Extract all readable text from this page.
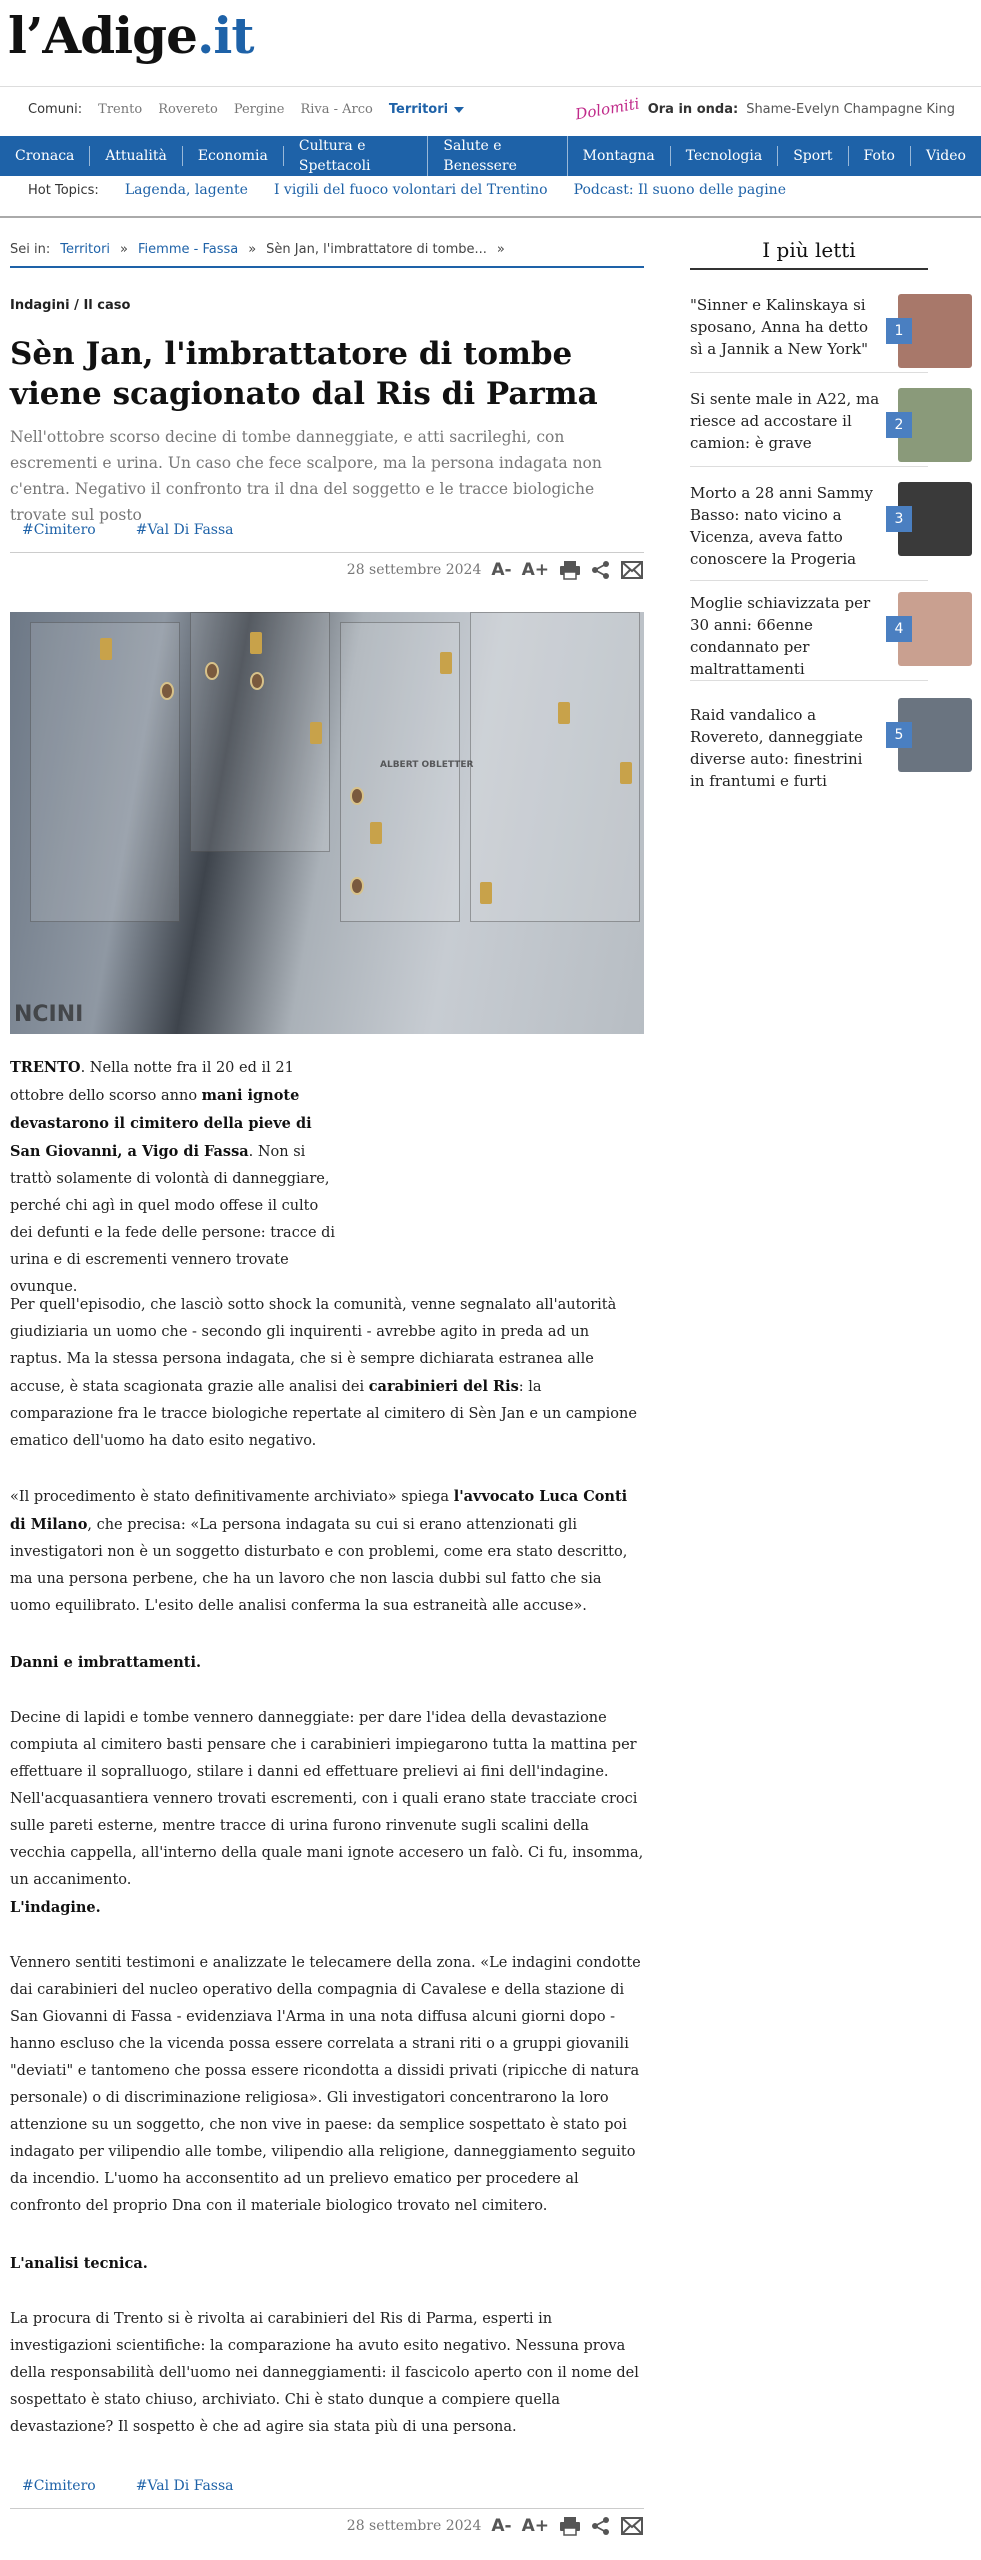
l’Adige.it
Comuni: Trento Rovereto Pergine Riva - Arco Territori	Dolomiti Ora in onda: Shame-Evelyn Champagne King
Cronaca	Attualità	Economia
Cultura e Spettacoli
Salute e Benessere
Montagna	Tecnologia	Sport	Foto	Video
Hot Topics: Lagenda, lagente I vigili del fuoco volontari del Trentino Podcast: Il suono delle pagine
Sei in: Territori » Fiemme - Fassa » Sèn Jan, l'imbrattatore di tombe... »
Indagini / Il caso
Sèn Jan, l'imbrattatore di tombe viene scagionato dal Ris di Parma

Nell'ottobre scorso decine di tombe danneggiate, e atti sacrileghi, con escrementi e urina. Un caso che fece scalpore, ma la persona indagata non c'entra. Negativo il confronto tra il dna del soggetto e le tracce biologiche trovate sul posto

#Cimitero	#Val Di Fassa
28 settembre 2024 A- A+
NCINI
ALBERT OBLETTER

TRENTO. Nella notte fra il 20 ed il 21 ottobre dello scorso anno mani ignote devastarono il cimitero della pieve di San Giovanni, a Vigo di Fassa. Non si trattò solamente di volontà di danneggiare, perché chi agì in quel modo offese il culto dei defunti e la fede delle persone: tracce di urina e di escrementi vennero trovate ovunque.

Per quell'episodio, che lasciò sotto shock la comunità, venne segnalato all'autorità giudiziaria un uomo che - secondo gli inquirenti - avrebbe agito in preda ad un raptus. Ma la stessa persona indagata, che si è sempre dichiarata estranea alle accuse, è stata scagionata grazie alle analisi dei carabinieri del Ris: la comparazione fra le tracce biologiche repertate al cimitero di Sèn Jan e un campione ematico dell'uomo ha dato esito negativo.

«Il procedimento è stato definitivamente archiviato» spiega l'avvocato Luca Conti di Milano, che precisa: «La persona indagata su cui si erano attenzionati gli investigatori non è un soggetto disturbato e con problemi, come era stato descritto, ma una persona perbene, che ha un lavoro che non lascia dubbi sul fatto che sia uomo equilibrato. L'esito delle analisi conferma la sua estraneità alle accuse».

Danni e imbrattamenti.

Decine di lapidi e tombe vennero danneggiate: per dare l'idea della devastazione compiuta al cimitero basti pensare che i carabinieri impiegarono tutta la mattina per effettuare il sopralluogo, stilare i danni ed effettuare prelievi ai fini dell'indagine. Nell'acquasantiera vennero trovati escrementi, con i quali erano state tracciate croci sulle pareti esterne, mentre tracce di urina furono rinvenute sugli scalini della vecchia cappella, all'interno della quale mani ignote accesero un falò. Ci fu, insomma, un accanimento.

L'indagine.

Vennero sentiti testimoni e analizzate le telecamere della zona. «Le indagini condotte dai carabinieri del nucleo operativo della compagnia di Cavalese e della stazione di San Giovanni di Fassa - evidenziava l'Arma in una nota diffusa alcuni giorni dopo - hanno escluso che la vicenda possa essere correlata a strani riti o a gruppi giovanili "deviati" e tantomeno che possa essere ricondotta a dissidi privati (ripicche di natura personale) o di discriminazione religiosa». Gli investigatori concentrarono la loro attenzione su un soggetto, che non vive in paese: da semplice sospettato è stato poi indagato per vilipendio alle tombe, vilipendio alla religione, danneggiamento seguito da incendio. L'uomo ha acconsentito ad un prelievo ematico per procedere al confronto del proprio Dna con il materiale biologico trovato nel cimitero.

L'analisi tecnica.

La procura di Trento si è rivolta ai carabinieri del Ris di Parma, esperti in investigazioni scientifiche: la comparazione ha avuto esito negativo. Nessuna prova della responsabilità dell'uomo nei danneggiamenti: il fascicolo aperto con il nome del sospettato è stato chiuso, archiviato. Chi è stato dunque a compiere quella devastazione? Il sospetto è che ad agire sia stata più di una persona.

#Cimitero	#Val Di Fassa
28 settembre 2024 A- A+
I più letti
"Sinner e Kalinskaya si sposano, Anna ha detto sì a Jannik a New York"
1
Si sente male in A22, ma riesce ad accostare il camion: è grave
2
Morto a 28 anni Sammy Basso: nato vicino a Vicenza, aveva fatto conoscere la Progeria
3
Moglie schiavizzata per 30 anni: 66enne condannato per maltrattamenti
4
Raid vandalico a Rovereto, danneggiate diverse auto: finestrini in frantumi e furti
5
